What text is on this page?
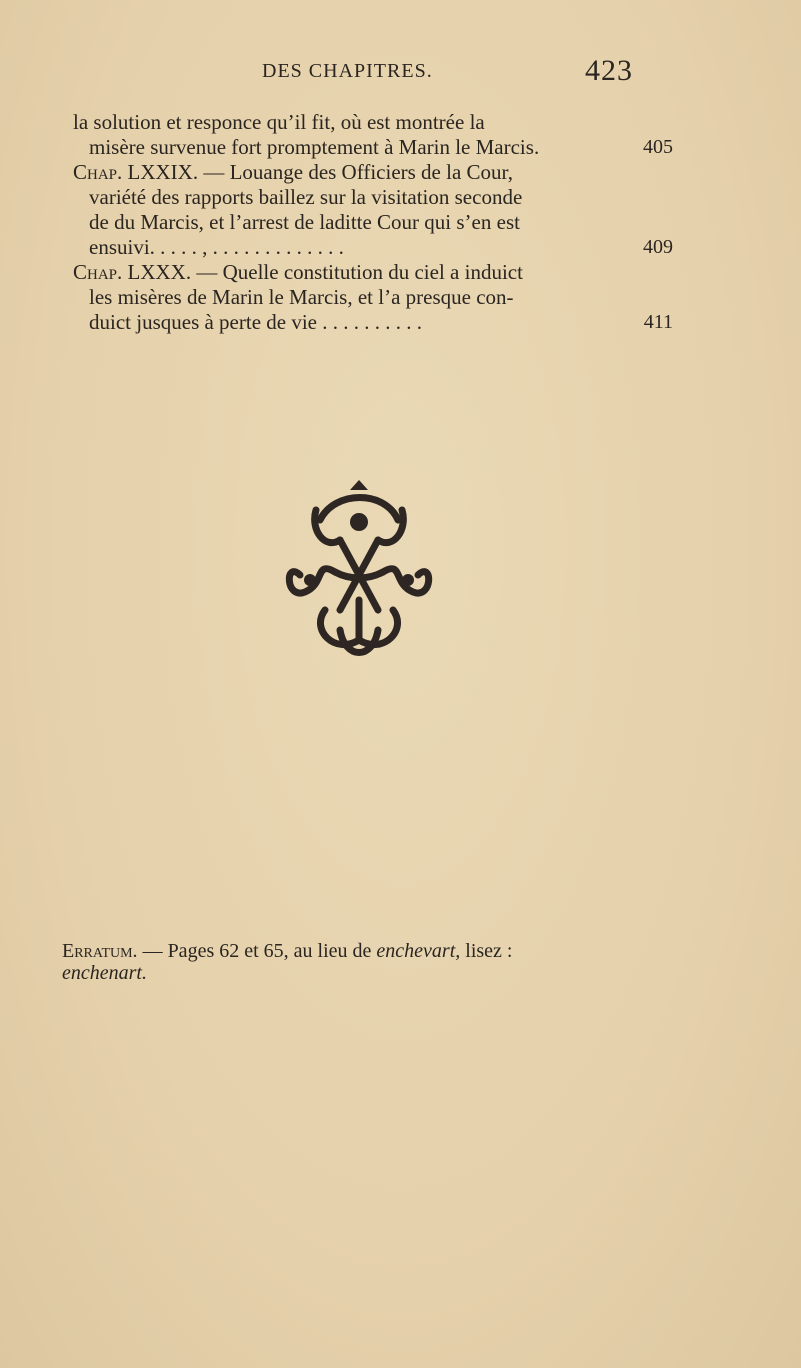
DES CHAPITRES.	423
la solution et responce qu’il fit, où est montrée la
misère survenue fort promptement à Marin le Marcis.	405
Chap. LXXIX. — Louange des Officiers de la Cour,
variété des rapports baillez sur la visitation seconde
de du Marcis, et l’arrest de laditte Cour qui s’en est
ensuivi. . . . . , . . . . . . . . . . . . .	409
Chap. LXXX. — Quelle constitution du ciel a induict
les misères de Marin le Marcis, et l’a presque con-
duict jusques à perte de vie . . . . . . . . . .	411
Erratum. — Pages 62 et 65, au lieu de enchevart, lisez :
enchenart.
